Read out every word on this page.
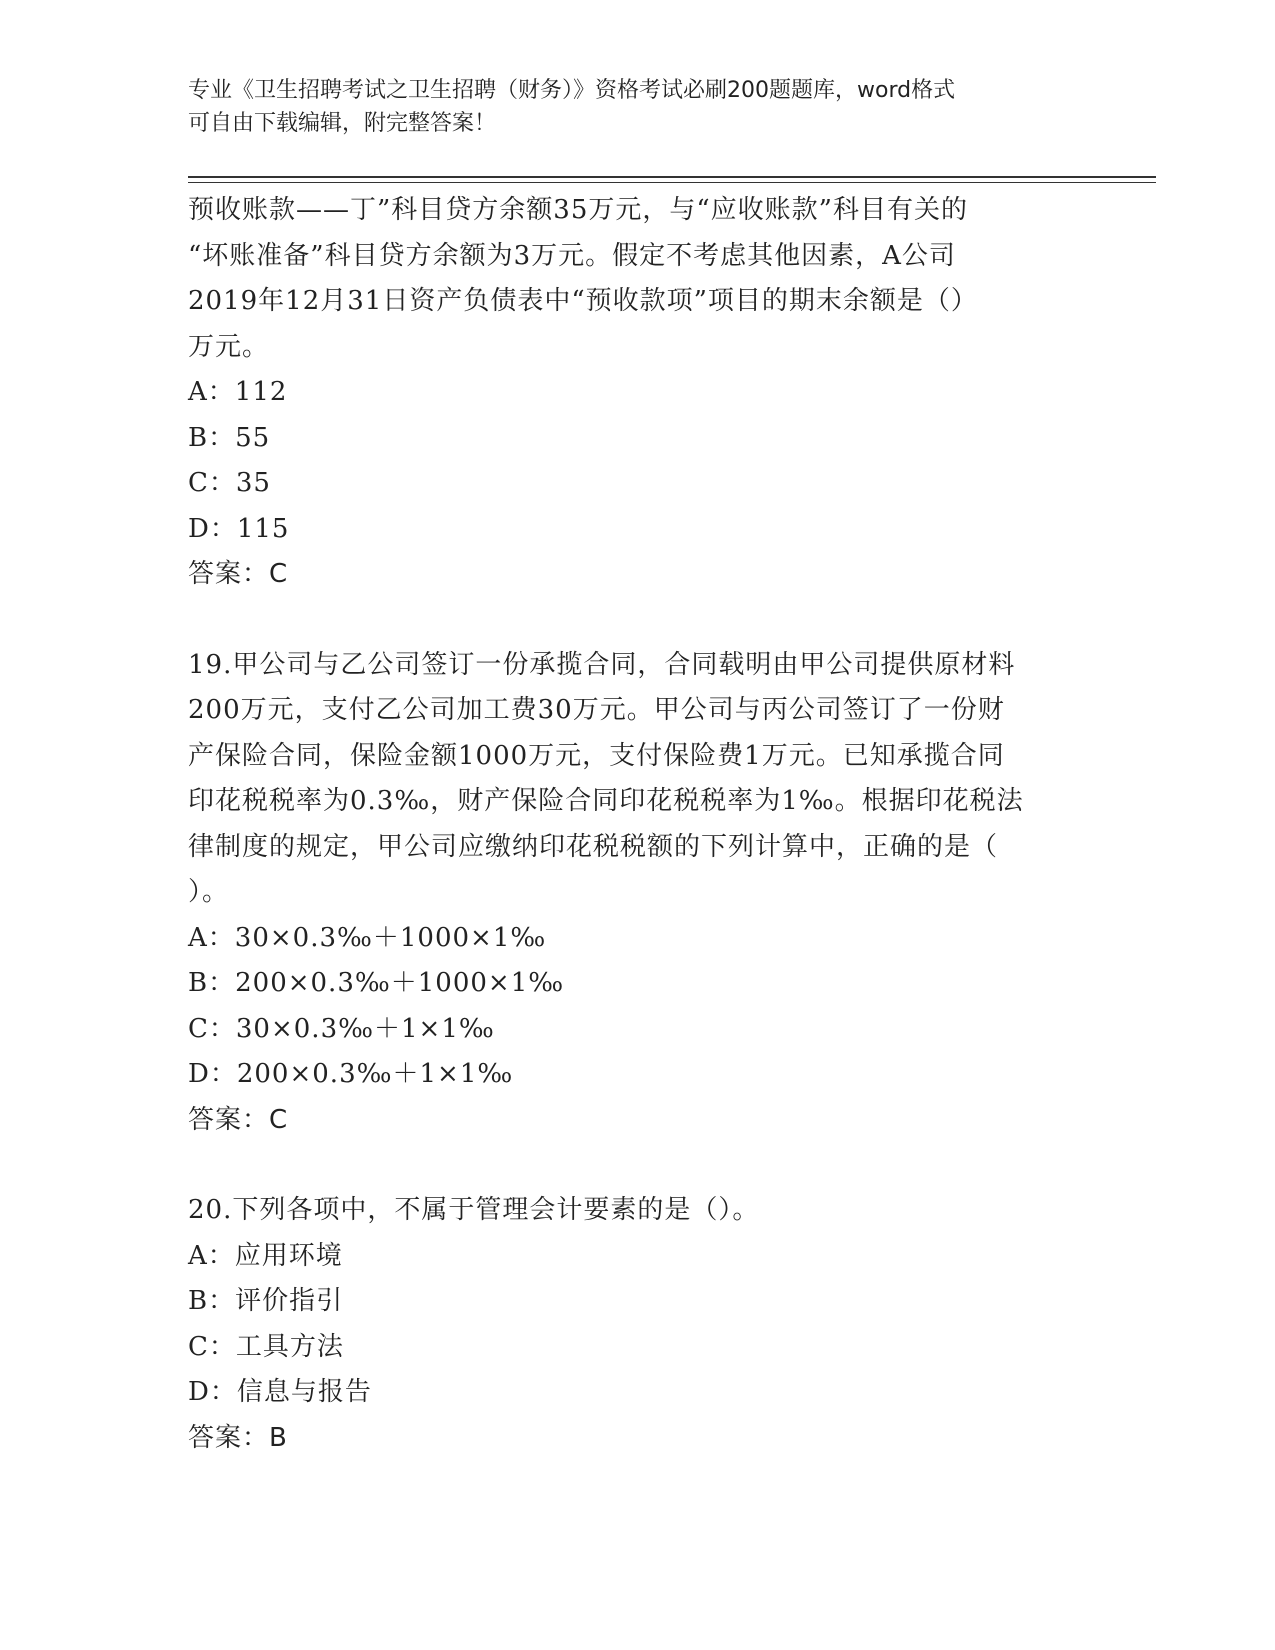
专业《卫生招聘考试之卫生招聘（财务）》资格考试必刷200题题库，word格式
可自由下载编辑，附完整答案！
预收账款——丁”科目贷方余额35万元，与“应收账款”科目有关的
“坏账准备”科目贷方余额为3万元。假定不考虑其他因素，A公司
2019年12月31日资产负债表中“预收款项”项目的期末余额是（）
万元。
A：112
B：55
C：35
D：115
答案：C
19.甲公司与乙公司签订一份承揽合同，合同载明由甲公司提供原材料
200万元，支付乙公司加工费30万元。甲公司与丙公司签订了一份财
产保险合同，保险金额1000万元，支付保险费1万元。已知承揽合同
印花税税率为0.3‰，财产保险合同印花税税率为1‰。根据印花税法
律制度的规定，甲公司应缴纳印花税税额的下列计算中，正确的是（
）。
A：30×0.3‰＋1000×1‰
B：200×0.3‰＋1000×1‰
C：30×0.3‰＋1×1‰
D：200×0.3‰＋1×1‰
答案：C
20.下列各项中，不属于管理会计要素的是（）。
A：应用环境
B：评价指引
C：工具方法
D：信息与报告
答案：B
